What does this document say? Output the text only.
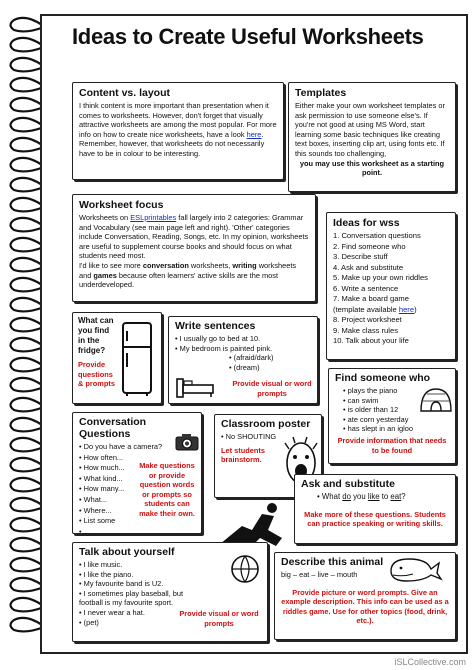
Ideas to Create Useful Worksheets
Content vs. layout

I think content is more important than presentation when it comes to worksheets. However, don't forget that visually attractive worksheets are among the most popular. For more info on how to create nice worksheets, have a look here.

Remember, however, that worksheets do not necessarily have to be in colour to be interesting.

Templates

Either make your own worksheet templates or ask permission to use someone else's. If you're not good at using MS Word, start learning some basic techniques like creating text boxes, inserting clip art, using fonts etc. If this sounds too challenging,

you may use this worksheet as a starting point.

Worksheet focus

Worksheets on ESLprintables fall largely into 2 categories: Grammar and Vocabulary (see main page left and right). 'Other' categories include Conversation, Reading, Songs, etc. In my opinion, worksheets are useful to supplement course books and should focus on what students need most.

I'd like to see more conversation worksheets, writing worksheets and games because often learners' active skills are the most underdeveloped.

Ideas for wss
1. Conversation questions
2. Find someone who
3. Describe stuff
4. Ask and substitute
5. Make up your own riddles
6. Write a sentence
7. Make a board game
(template available here)
8. Project worksheet
9. Make class rules
10. Talk about your life

What can you find in the fridge?

Provide questions & prompts

Write sentences
• I usually go to bed at 10.
• My bedroom is painted pink.
• (afraid/dark)
• (dream)

Provide visual or word prompts

Find someone who
• plays the piano
• can swim
• is older than 12
• ate corn yesterday
• has slept in an igloo

Provide information that needs to be found

Conversation Questions
• Do you have a camera?
• How often...
• How much...
• What kind...
• How many...
• What...
• Where...
• List some
• ...

Make questions or provide question words or prompts so students can make their own.

Classroom poster
• No SHOUTING

Let students brainstorm.

Ask and substitute

• What do you like to eat?

Make more of these questions. Students can practice speaking or writing skills.

Talk about yourself
• I like music.
• I like the piano.
• My favourite band is U2.
• I sometimes play baseball, but football is my favourite sport.
• I never wear a hat.
• (pet)

Provide visual or word prompts

Describe this animal

big – eat – live – mouth

Provide picture or word prompts. Give an example description. This info can be used as a riddles game. Use for other topics (food, drink, etc.).

iSLCollective.com
